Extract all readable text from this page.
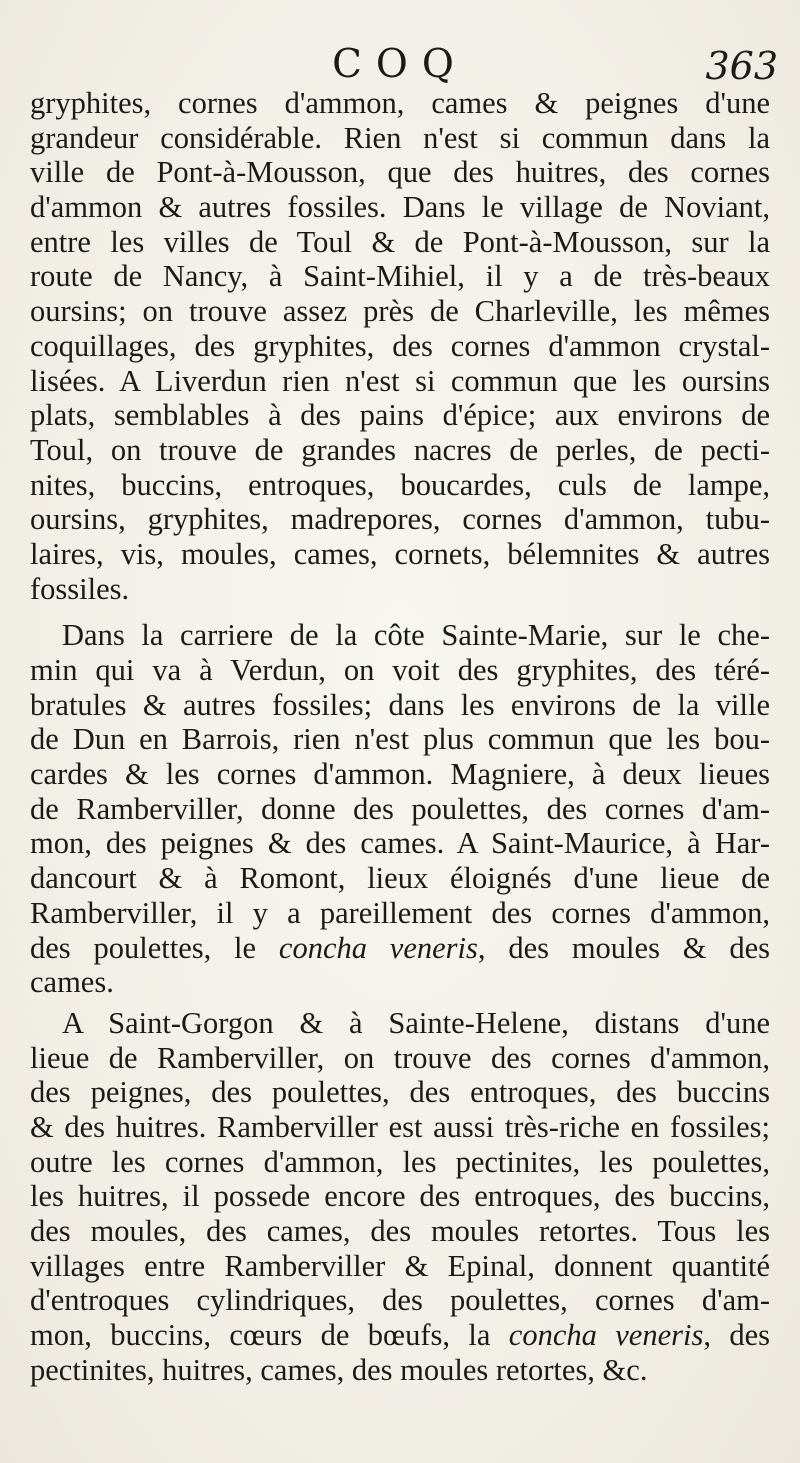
COQ	363

gryphites, cornes d'ammon, cames & peignes d'une
grandeur considérable. Rien n'est si commun dans la
ville de Pont-à-Mousson, que des huitres, des cornes
d'ammon & autres fossiles. Dans le village de Noviant,
entre les villes de Toul & de Pont-à-Mousson, sur la
route de Nancy, à Saint-Mihiel, il y a de très-beaux
oursins; on trouve assez près de Charleville, les mêmes
coquillages, des gryphites, des cornes d'ammon crystal-
lisées. A Liverdun rien n'est si commun que les oursins
plats, semblables à des pains d'épice; aux environs de
Toul, on trouve de grandes nacres de perles, de pecti-
nites, buccins, entroques, boucardes, culs de lampe,
oursins, gryphites, madrepores, cornes d'ammon, tubu-
laires, vis, moules, cames, cornets, bélemnites & autres
fossiles.

Dans la carriere de la côte Sainte-Marie, sur le che-
min qui va à Verdun, on voit des gryphites, des téré-
bratules & autres fossiles; dans les environs de la ville
de Dun en Barrois, rien n'est plus commun que les bou-
cardes & les cornes d'ammon. Magniere, à deux lieues
de Ramberviller, donne des poulettes, des cornes d'am-
mon, des peignes & des cames. A Saint-Maurice, à Har-
dancourt & à Romont, lieux éloignés d'une lieue de
Ramberviller, il y a pareillement des cornes d'ammon,
des poulettes, le concha veneris, des moules & des
cames.

A Saint-Gorgon & à Sainte-Helene, distans d'une
lieue de Ramberviller, on trouve des cornes d'ammon,
des peignes, des poulettes, des entroques, des buccins
& des huitres. Ramberviller est aussi très-riche en fossiles;
outre les cornes d'ammon, les pectinites, les poulettes,
les huitres, il possede encore des entroques, des buccins,
des moules, des cames, des moules retortes. Tous les
villages entre Ramberviller & Epinal, donnent quantité
d'entroques cylindriques, des poulettes, cornes d'am-
mon, buccins, cœurs de bœufs, la concha veneris, des
pectinites, huitres, cames, des moules retortes, &c.
